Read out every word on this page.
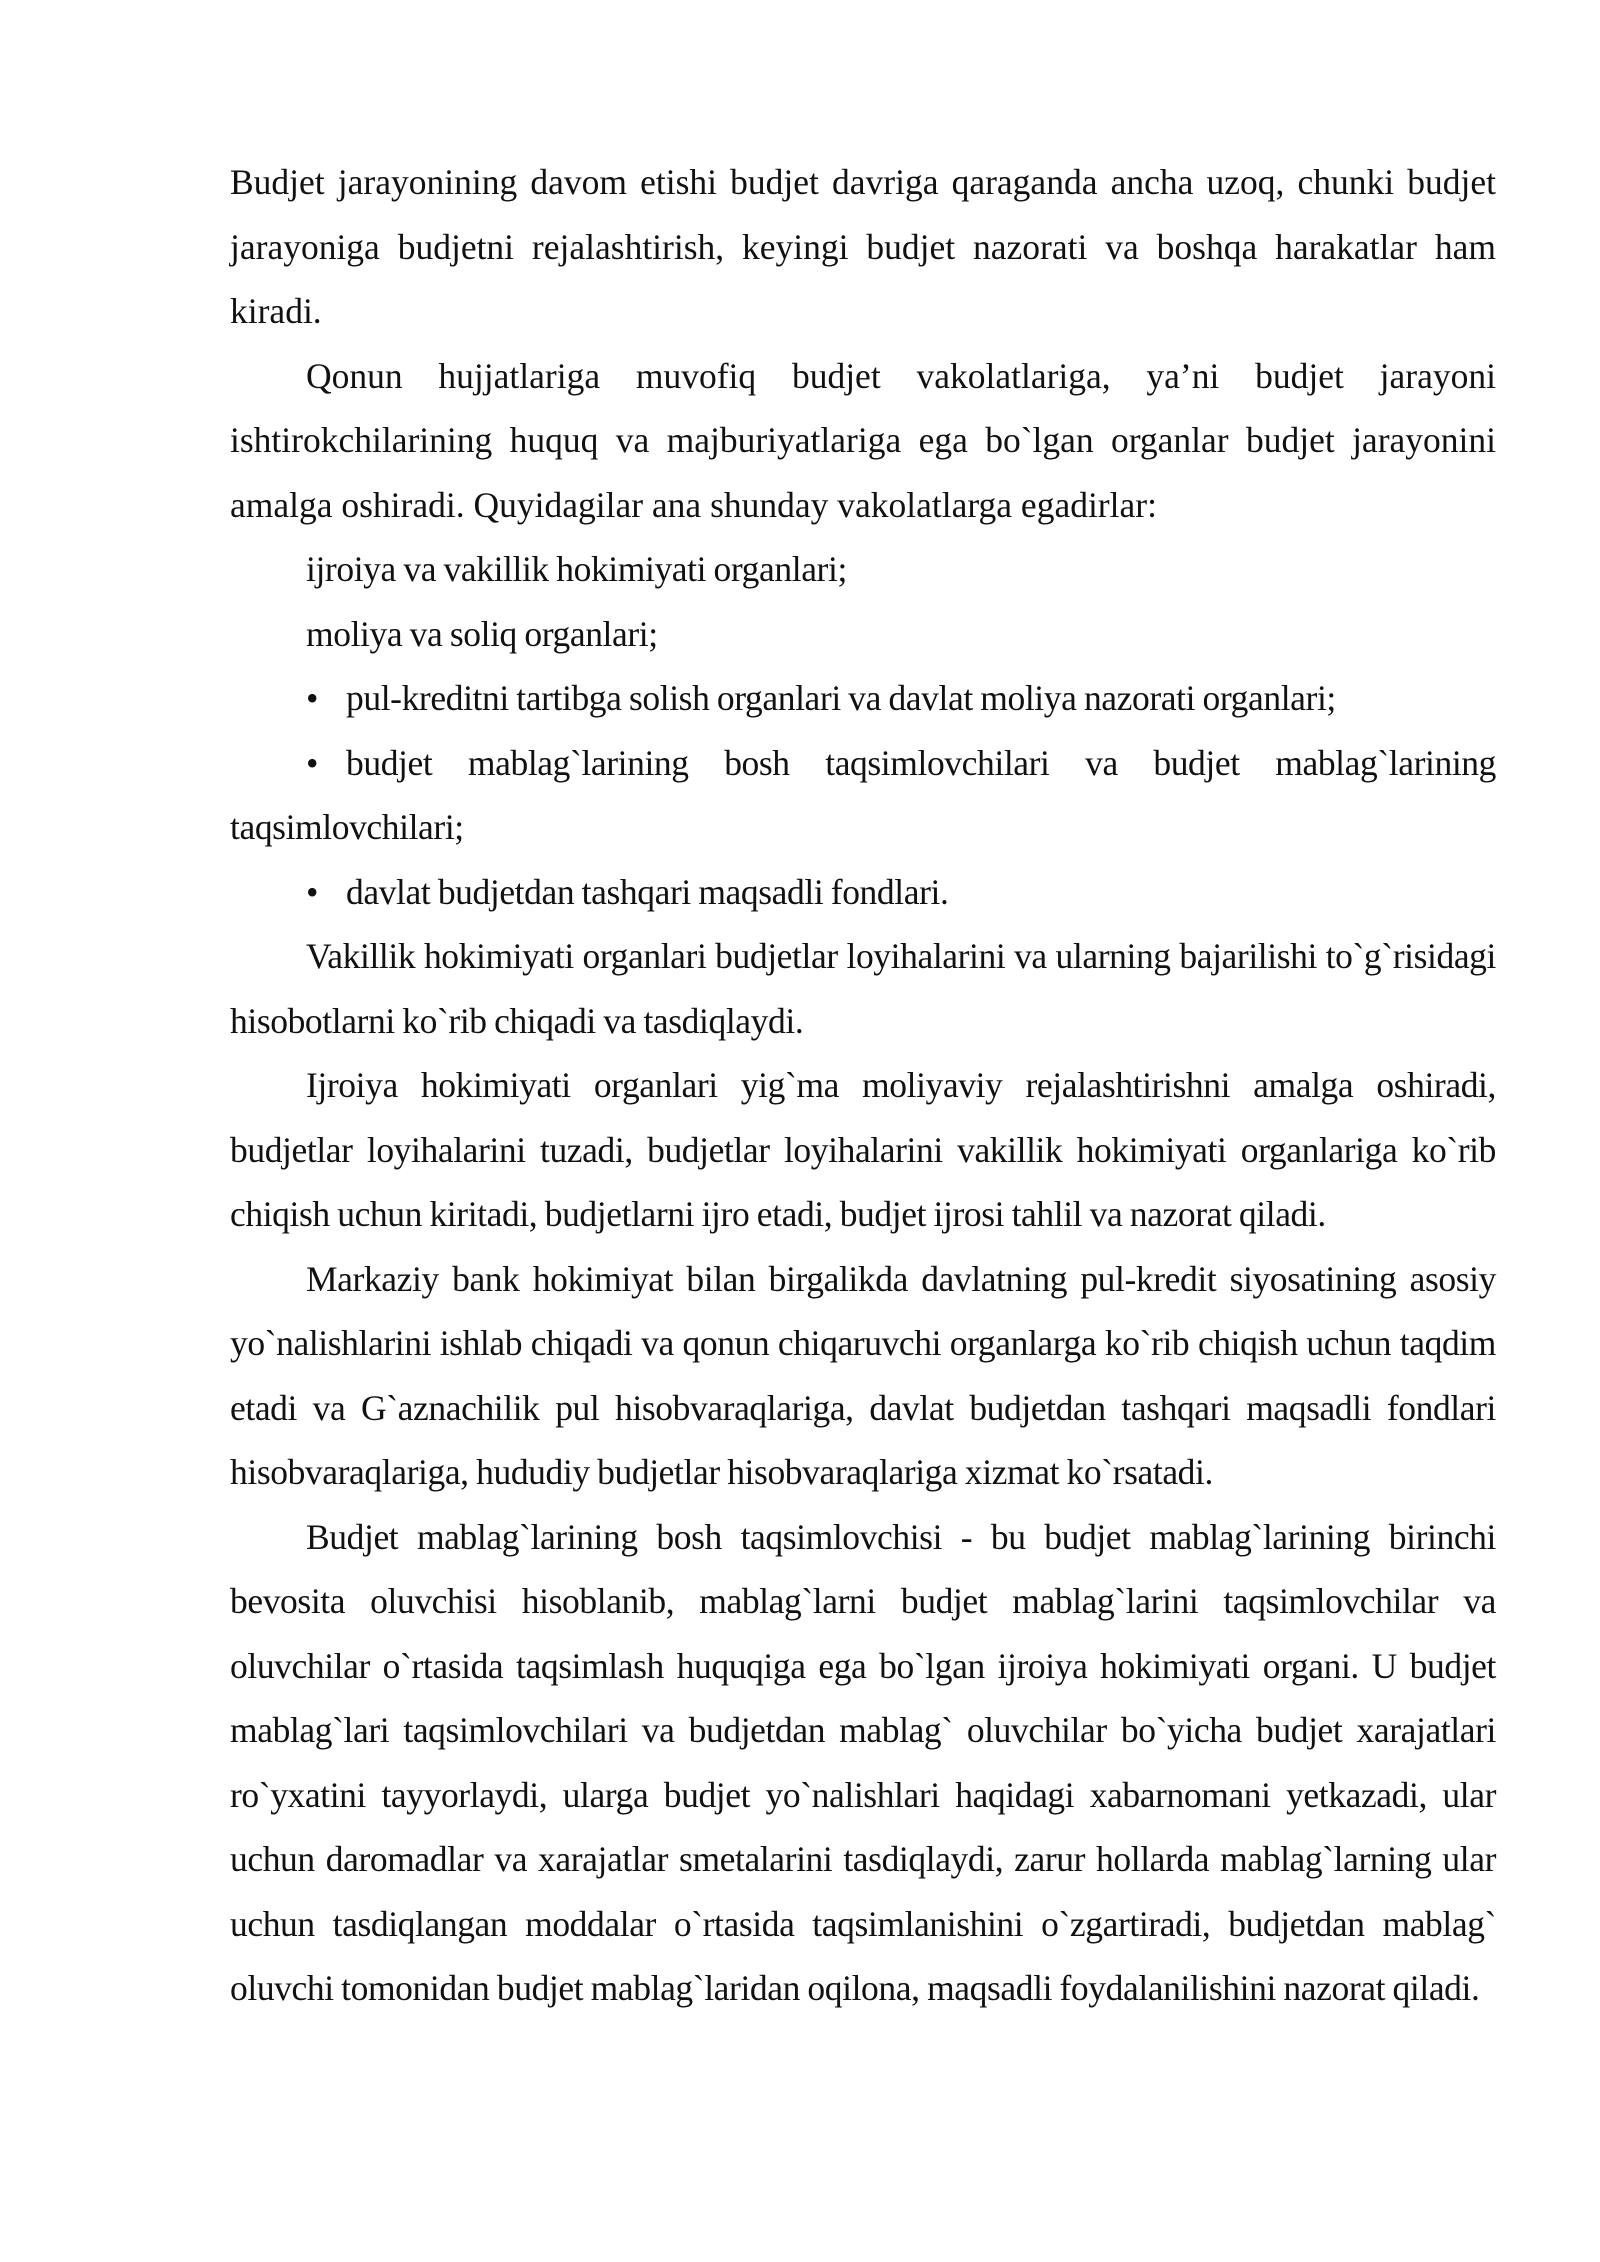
Budjet jarayonining davom etishi budjet davriga qaraganda ancha uzoq, chunki budjet jarayoniga budjetni rejalashtirish, keyingi budjet nazorati va boshqa harakatlar ham kiradi.

Qonun hujjatlariga muvofiq budjet vakolatlariga, ya’ni budjet jarayoni ishtirokchilarining huquq va majburiyatlariga ega bo`lgan organlar budjet jarayonini amalga oshiradi. Quyidagilar ana shunday vakolatlarga egadirlar:

ijroiya va vakillik hokimiyati organlari;

moliya va soliq organlari;

• pul-kreditni tartibga solish organlari va davlat moliya nazorati organlari;

• budjet mablag`larining bosh taqsimlovchilari va budjet mablag`larining taqsimlovchilari;

• davlat budjetdan tashqari maqsadli fondlari.

Vakillik hokimiyati organlari budjetlar loyihalarini va ularning bajarilishi to`g`risidagi hisobotlarni ko`rib chiqadi va tasdiqlaydi.

Ijroiya hokimiyati organlari yig`ma moliyaviy rejalashtirishni amalga oshiradi, budjetlar loyihalarini tuzadi, budjetlar loyihalarini vakillik hokimiyati organlariga ko`rib chiqish uchun kiritadi, budjetlarni ijro etadi, budjet ijrosi tahlil va nazorat qiladi.

Markaziy bank hokimiyat bilan birgalikda davlatning pul-kredit siyosatining asosiy yo`nalishlarini ishlab chiqadi va qonun chiqaruvchi organlarga ko`rib chiqish uchun taqdim etadi va G`aznachilik pul hisobvaraqlariga, davlat budjetdan tashqari maqsadli fondlari hisobvaraqlariga, hududiy budjetlar hisobvaraqlariga xizmat ko`rsatadi.

Budjet mablag`larining bosh taqsimlovchisi - bu budjet mablag`larining birinchi bevosita oluvchisi hisoblanib, mablag`larni budjet mablag`larini taqsimlovchilar va oluvchilar o`rtasida taqsimlash huquqiga ega bo`lgan ijroiya hokimiyati organi. U budjet mablag`lari taqsimlovchilari va budjetdan mablag` oluvchilar bo`yicha budjet xarajatlari ro`yxatini tayyorlaydi, ularga budjet yo`nalishlari haqidagi xabarnomani yetkazadi, ular uchun daromadlar va xarajatlar smetalarini tasdiqlaydi, zarur hollarda mablag`larning ular uchun tasdiqlangan moddalar o`rtasida taqsimlanishini o`zgartiradi, budjetdan mablag` oluvchi tomonidan budjet mablag`laridan oqilona, maqsadli foydalanilishini nazorat qiladi.
